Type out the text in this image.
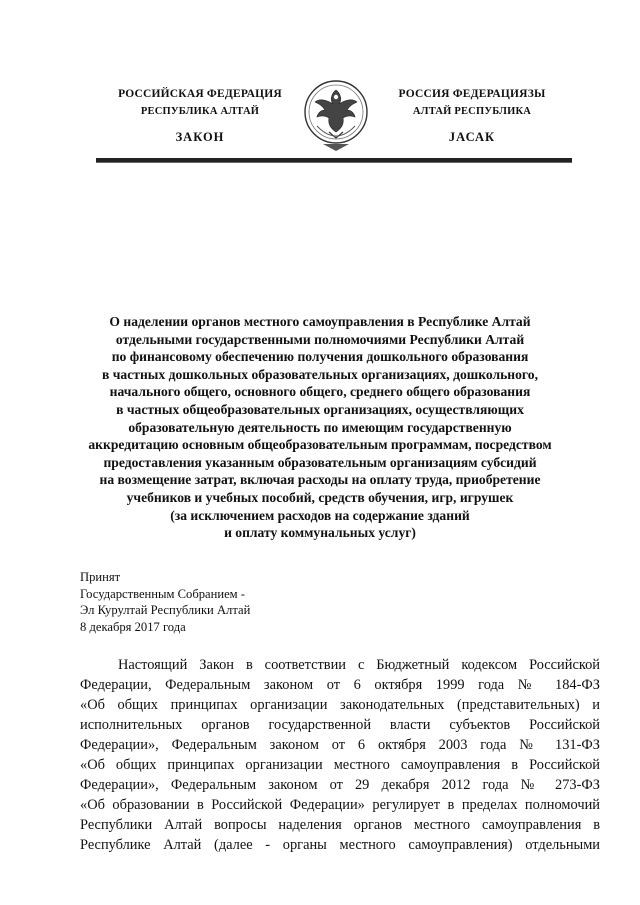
РОССИЙСКАЯ ФЕДЕРАЦИЯ
РЕСПУБЛИКА АЛТАЙ
ЗАКОН
РОССИЯ ФЕДЕРАЦИЯЗЫ
АЛТАЙ РЕСПУБЛИКА
JАСАК
О наделении органов местного самоуправления в Республике Алтай
отдельными государственными полномочиями Республики Алтай
по финансовому обеспечению получения дошкольного образования
в частных дошкольных образовательных организациях, дошкольного,
начального общего, основного общего, среднего общего образования
в частных общеобразовательных организациях, осуществляющих
образовательную деятельность по имеющим государственную
аккредитацию основным общеобразовательным программам, посредством
предоставления указанным образовательным организациям субсидий
на возмещение затрат, включая расходы на оплату труда, приобретение
учебников и учебных пособий, средств обучения, игр, игрушек
(за исключением расходов на содержание зданий
и оплату коммунальных услуг)
Принят
Государственным Собранием -
Эл Курултай Республики Алтай
8 декабря 2017 года
Настоящий Закон в соответствии с Бюджетный кодексом Российской
Федерации, Федеральным законом от 6 октября 1999 года № 184-ФЗ
«Об общих принципах организации законодательных (представительных) и
исполнительных органов государственной власти субъектов Российской
Федерации», Федеральным законом от 6 октября 2003 года № 131-ФЗ
«Об общих принципах организации местного самоуправления в Российской
Федерации», Федеральным законом от 29 декабря 2012 года № 273-ФЗ
«Об образовании в Российской Федерации» регулирует в пределах полномочий
Республики Алтай вопросы наделения органов местного самоуправления в
Республике Алтай (далее - органы местного самоуправления) отдельными
